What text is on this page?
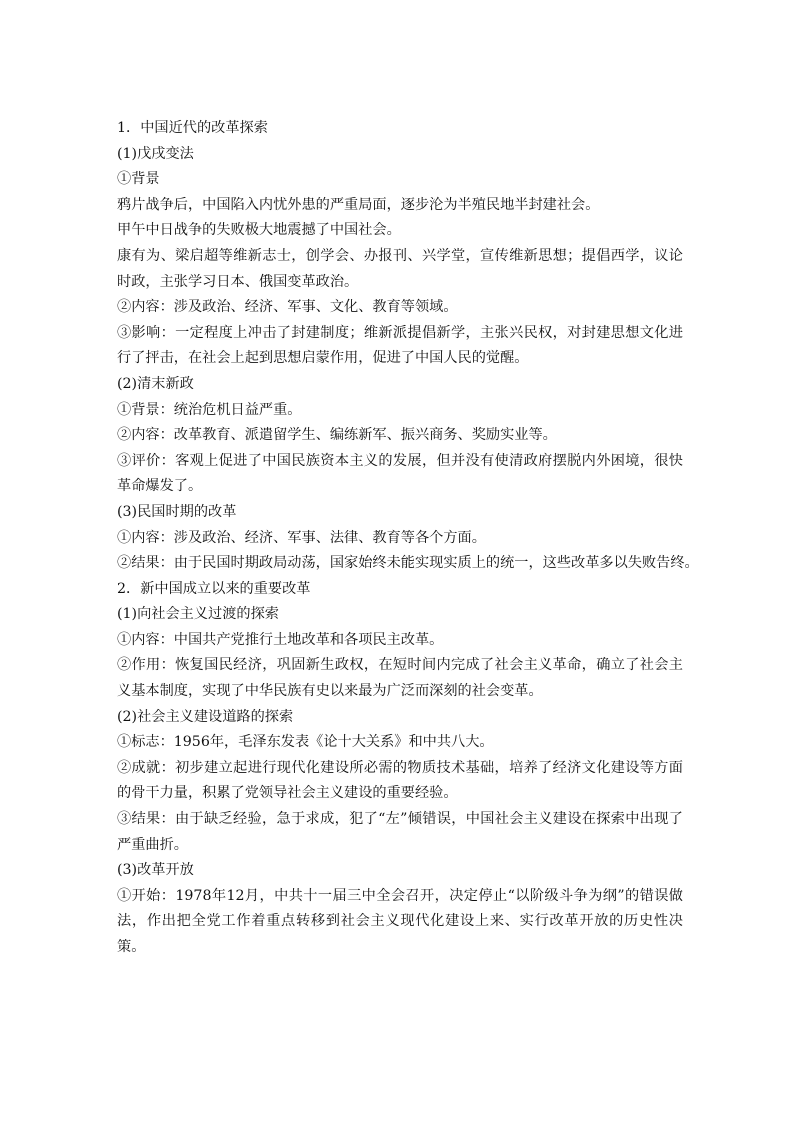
1．中国近代的改革探索

(1)戊戌变法

①背景

鸦片战争后，中国陷入内忧外患的严重局面，逐步沦为半殖民地半封建社会。

甲午中日战争的失败极大地震撼了中国社会。

康有为、梁启超等维新志士，创学会、办报刊、兴学堂，宣传维新思想；提倡西学，议论时政，主张学习日本、俄国变革政治。

②内容：涉及政治、经济、军事、文化、教育等领域。

③影响：一定程度上冲击了封建制度；维新派提倡新学，主张兴民权，对封建思想文化进行了抨击，在社会上起到思想启蒙作用，促进了中国人民的觉醒。

(2)清末新政

①背景：统治危机日益严重。

②内容：改革教育、派遣留学生、编练新军、振兴商务、奖励实业等。

③评价：客观上促进了中国民族资本主义的发展，但并没有使清政府摆脱内外困境，很快革命爆发了。

(3)民国时期的改革

①内容：涉及政治、经济、军事、法律、教育等各个方面。

②结果：由于民国时期政局动荡，国家始终未能实现实质上的统一，这些改革多以失败告终。

2．新中国成立以来的重要改革

(1)向社会主义过渡的探索

①内容：中国共产党推行土地改革和各项民主改革。

②作用：恢复国民经济，巩固新生政权，在短时间内完成了社会主义革命，确立了社会主义基本制度，实现了中华民族有史以来最为广泛而深刻的社会变革。

(2)社会主义建设道路的探索

①标志：1956年，毛泽东发表《论十大关系》和中共八大。

②成就：初步建立起进行现代化建设所必需的物质技术基础，培养了经济文化建设等方面的骨干力量，积累了党领导社会主义建设的重要经验。

③结果：由于缺乏经验，急于求成，犯了“左”倾错误，中国社会主义建设在探索中出现了严重曲折。

(3)改革开放

①开始：1978年12月，中共十一届三中全会召开，决定停止“以阶级斗争为纲”的错误做法，作出把全党工作着重点转移到社会主义现代化建设上来、实行改革开放的历史性决策。
